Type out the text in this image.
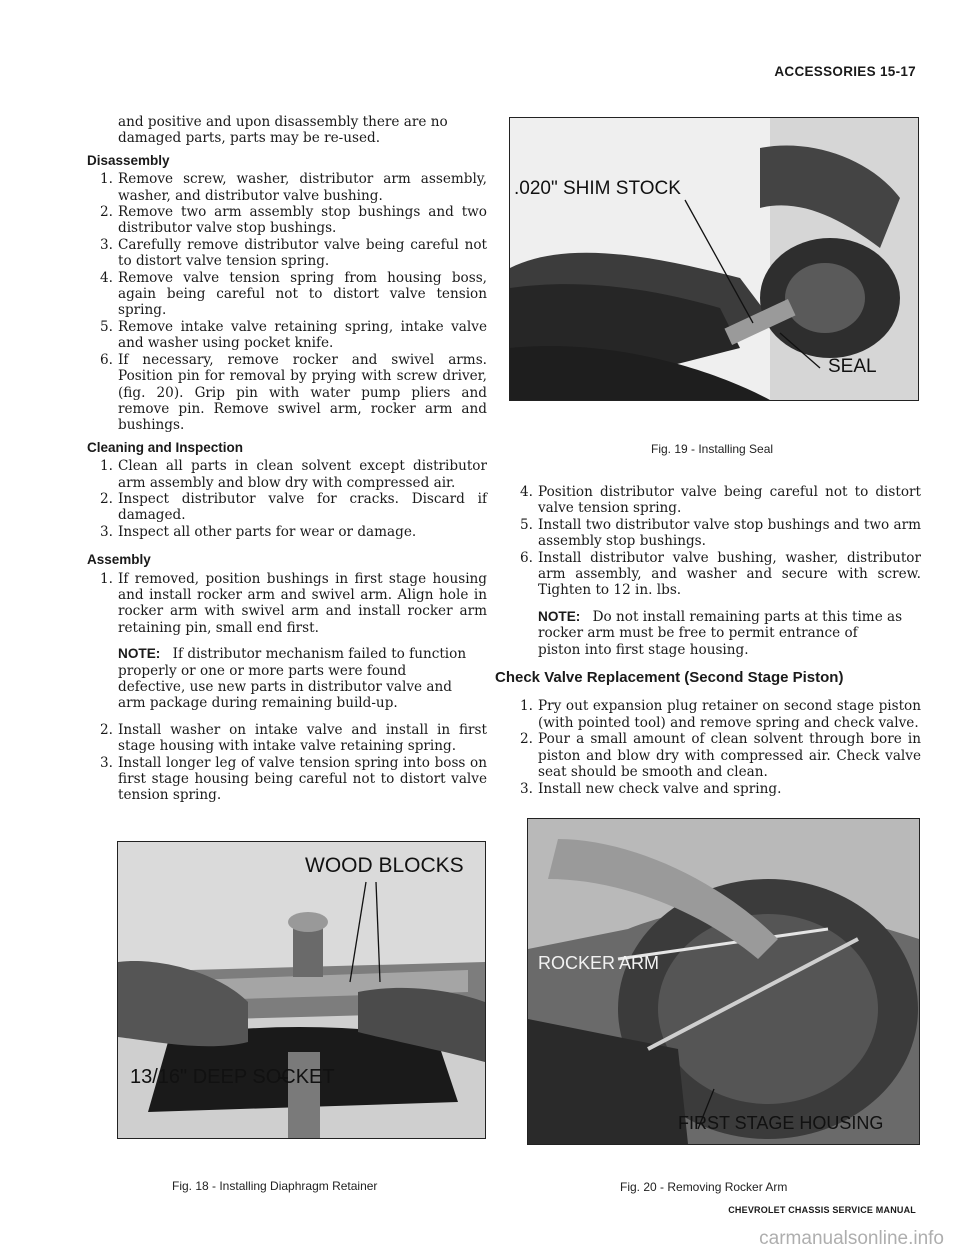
ACCESSORIES 15-17

and positive and upon disassembly there are no damaged parts, parts may be re-used.

Disassembly
1. Remove screw, washer, distributor arm assembly, washer, and distributor valve bushing.
2. Remove two arm assembly stop bushings and two distributor valve stop bushings.
3. Carefully remove distributor valve being careful not to distort valve tension spring.
4. Remove valve tension spring from housing boss, again being careful not to distort valve tension spring.
5. Remove intake valve retaining spring, intake valve and washer using pocket knife.
6. If necessary, remove rocker and swivel arms. Position pin for removal by prying with screw driver, (fig. 20). Grip pin with water pump pliers and remove pin. Remove swivel arm, rocker arm and bushings.
Cleaning and Inspection
1. Clean all parts in clean solvent except distributor arm assembly and blow dry with compressed air.
2. Inspect distributor valve for cracks. Discard if damaged.
3. Inspect all other parts for wear or damage.
Assembly
1. If removed, position bushings in first stage housing and install rocker arm and swivel arm. Align hole in rocker arm with swivel arm and install rocker arm retaining pin, small end first.
NOTE: If distributor mechanism failed to function properly or one or more parts were found defective, use new parts in distributor valve and arm package during remaining build-up.
2. Install washer on intake valve and install in first stage housing with intake valve retaining spring.
3. Install longer leg of valve tension spring into boss on first stage housing being careful not to distort valve tension spring.
4. Position distributor valve being careful not to distort valve tension spring.
5. Install two distributor valve stop bushings and two arm assembly stop bushings.
6. Install distributor valve bushing, washer, distributor arm assembly, and washer and secure with screw. Tighten to 12 in. lbs.
NOTE: Do not install remaining parts at this time as rocker arm must be free to permit entrance of piston into first stage housing.
Check Valve Replacement (Second Stage Piston)
1. Pry out expansion plug retainer on second stage piston (with pointed tool) and remove spring and check valve.
2. Pour a small amount of clean solvent through bore in piston and blow dry with compressed air. Check valve seat should be smooth and clean.
3. Install new check valve and spring.
.020" SHIM STOCK
SEAL
Fig. 19 - Installing Seal
WOOD BLOCKS
13/16" DEEP SOCKET
Fig. 18 - Installing Diaphragm Retainer
ROCKER ARM
FIRST STAGE HOUSING
Fig. 20 - Removing Rocker Arm
CHEVROLET CHASSIS SERVICE MANUAL
carmanualsonline.info
